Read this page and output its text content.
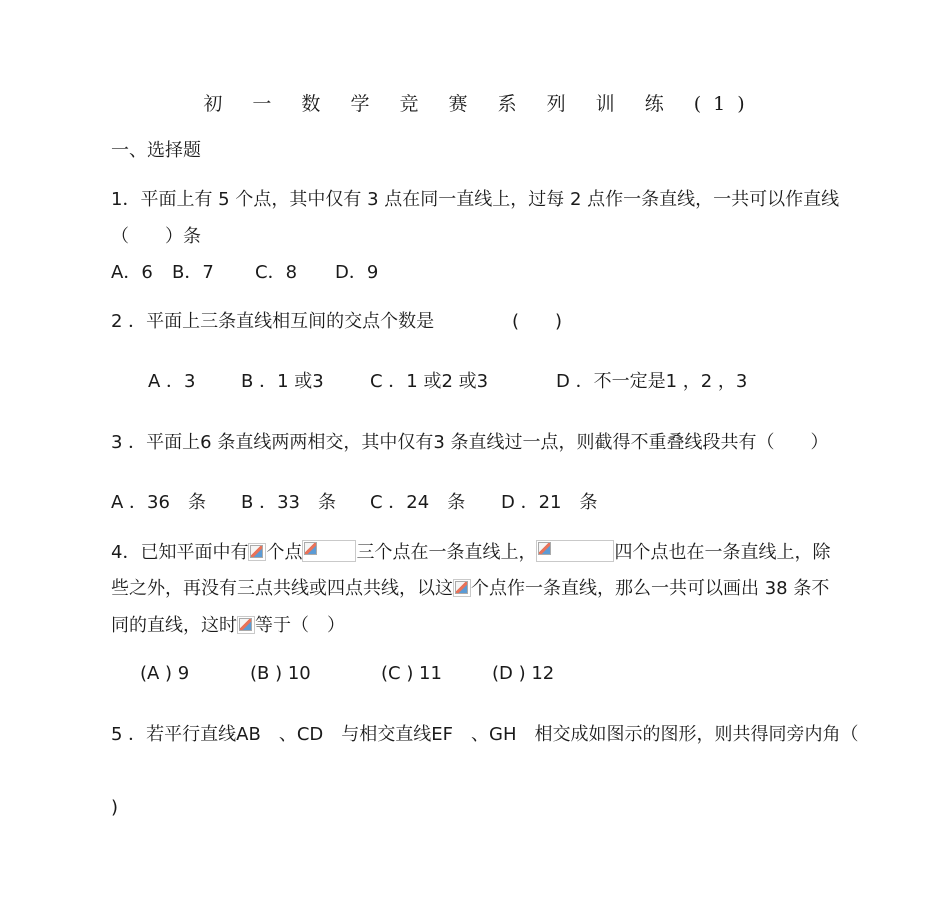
初 一 数 学 竞 赛 系 列 训 练 (1)
一、选择题
1．平面上有 5 个点，其中仅有 3 点在同一直线上，过每 2 点作一条直线，一共可以作直线
（　　）条
A．6 B．7 C．8 D．9
2 ．平面上三条直线相互间的交点个数是	(　　)
A ．3	B ．1 或3	C ．1 或2 或3	D ．不一定是1 ，2 ，3
3 ．平面上6 条直线两两相交，其中仅有3 条直线过一点，则截得不重叠线段共有（　　）
A ．36　条 B ．33　条 C ．24　条 D ．21　条
4．已知平面中有 个点	三个点在一条直线上，	四个点也在一条直线上，除
些之外，再没有三点共线或四点共线，以这 个点作一条直线，那么一共可以画出 38 条不
同的直线，这时 等于（　）
(A ) 9	(B ) 10	(C ) 11	(D ) 12
5 ．若平行直线AB　、CD　与相交直线EF　、GH　相交成如图示的图形，则共得同旁内角（
)
